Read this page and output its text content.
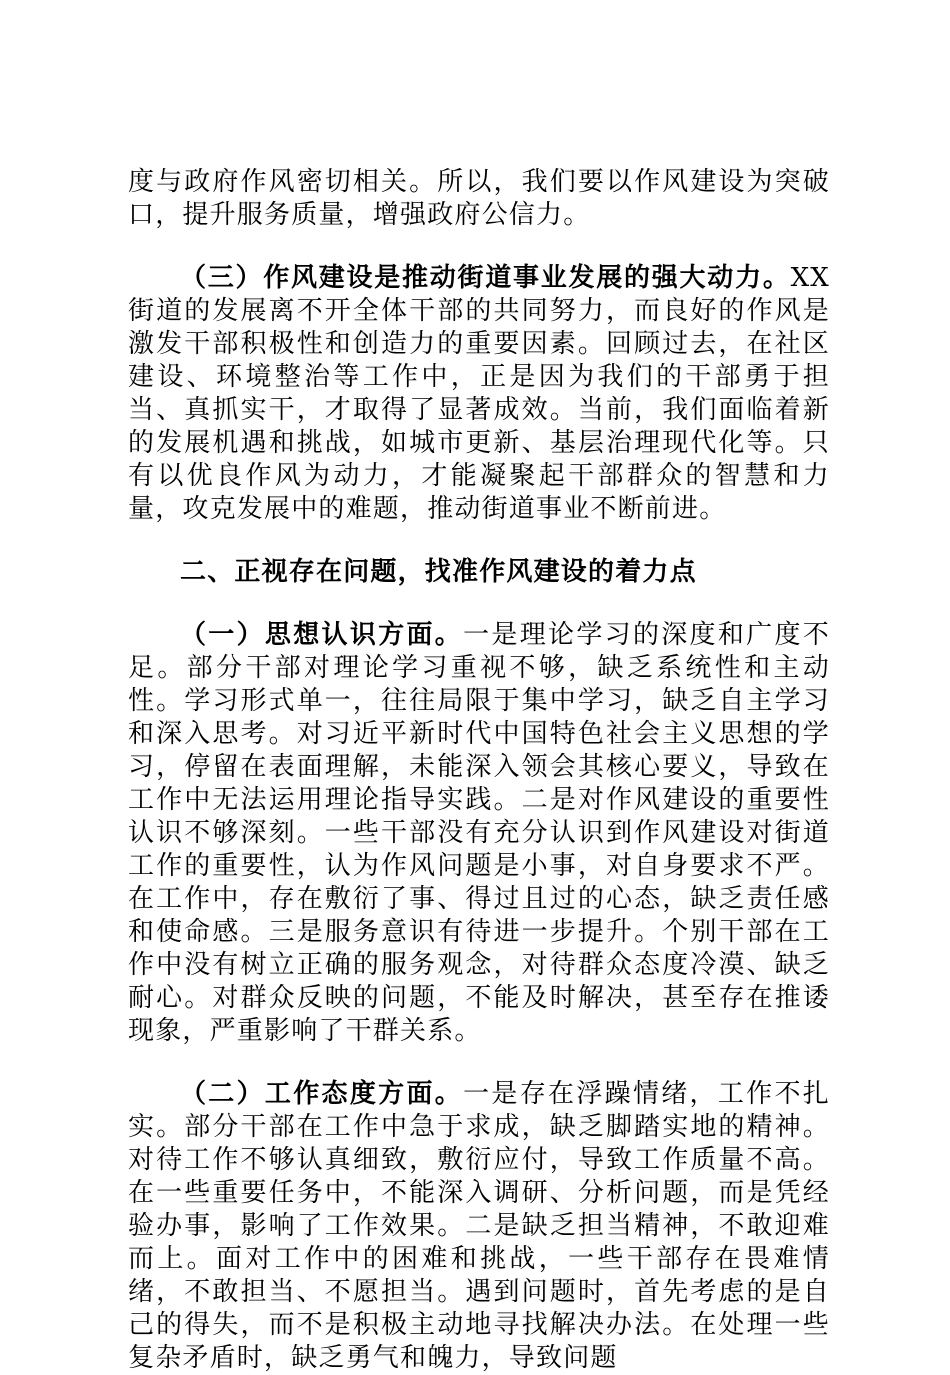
度与政府作风密切相关。所以，我们要以作风建设为突破口，提升服务质量，增强政府公信力。

（三）作风建设是推动街道事业发展的强大动力。XX街道的发展离不开全体干部的共同努力，而良好的作风是激发干部积极性和创造力的重要因素。回顾过去，在社区建设、环境整治等工作中，正是因为我们的干部勇于担当、真抓实干，才取得了显著成效。当前，我们面临着新的发展机遇和挑战，如城市更新、基层治理现代化等。只有以优良作风为动力，才能凝聚起干部群众的智慧和力量，攻克发展中的难题，推动街道事业不断前进。

二、正视存在问题，找准作风建设的着力点

（一）思想认识方面。一是理论学习的深度和广度不足。部分干部对理论学习重视不够，缺乏系统性和主动性。学习形式单一，往往局限于集中学习，缺乏自主学习和深入思考。对习近平新时代中国特色社会主义思想的学习，停留在表面理解，未能深入领会其核心要义，导致在工作中无法运用理论指导实践。二是对作风建设的重要性认识不够深刻。一些干部没有充分认识到作风建设对街道工作的重要性，认为作风问题是小事，对自身要求不严。在工作中，存在敷衍了事、得过且过的心态，缺乏责任感和使命感。三是服务意识有待进一步提升。个别干部在工作中没有树立正确的服务观念，对待群众态度冷漠、缺乏耐心。对群众反映的问题，不能及时解决，甚至存在推诿现象，严重影响了干群关系。

（二）工作态度方面。一是存在浮躁情绪，工作不扎实。部分干部在工作中急于求成，缺乏脚踏实地的精神。对待工作不够认真细致，敷衍应付，导致工作质量不高。在一些重要任务中，不能深入调研、分析问题，而是凭经验办事，影响了工作效果。二是缺乏担当精神，不敢迎难而上。面对工作中的困难和挑战，一些干部存在畏难情绪，不敢担当、不愿担当。遇到问题时，首先考虑的是自己的得失，而不是积极主动地寻找解决办法。在处理一些复杂矛盾时，缺乏勇气和魄力，导致问题
